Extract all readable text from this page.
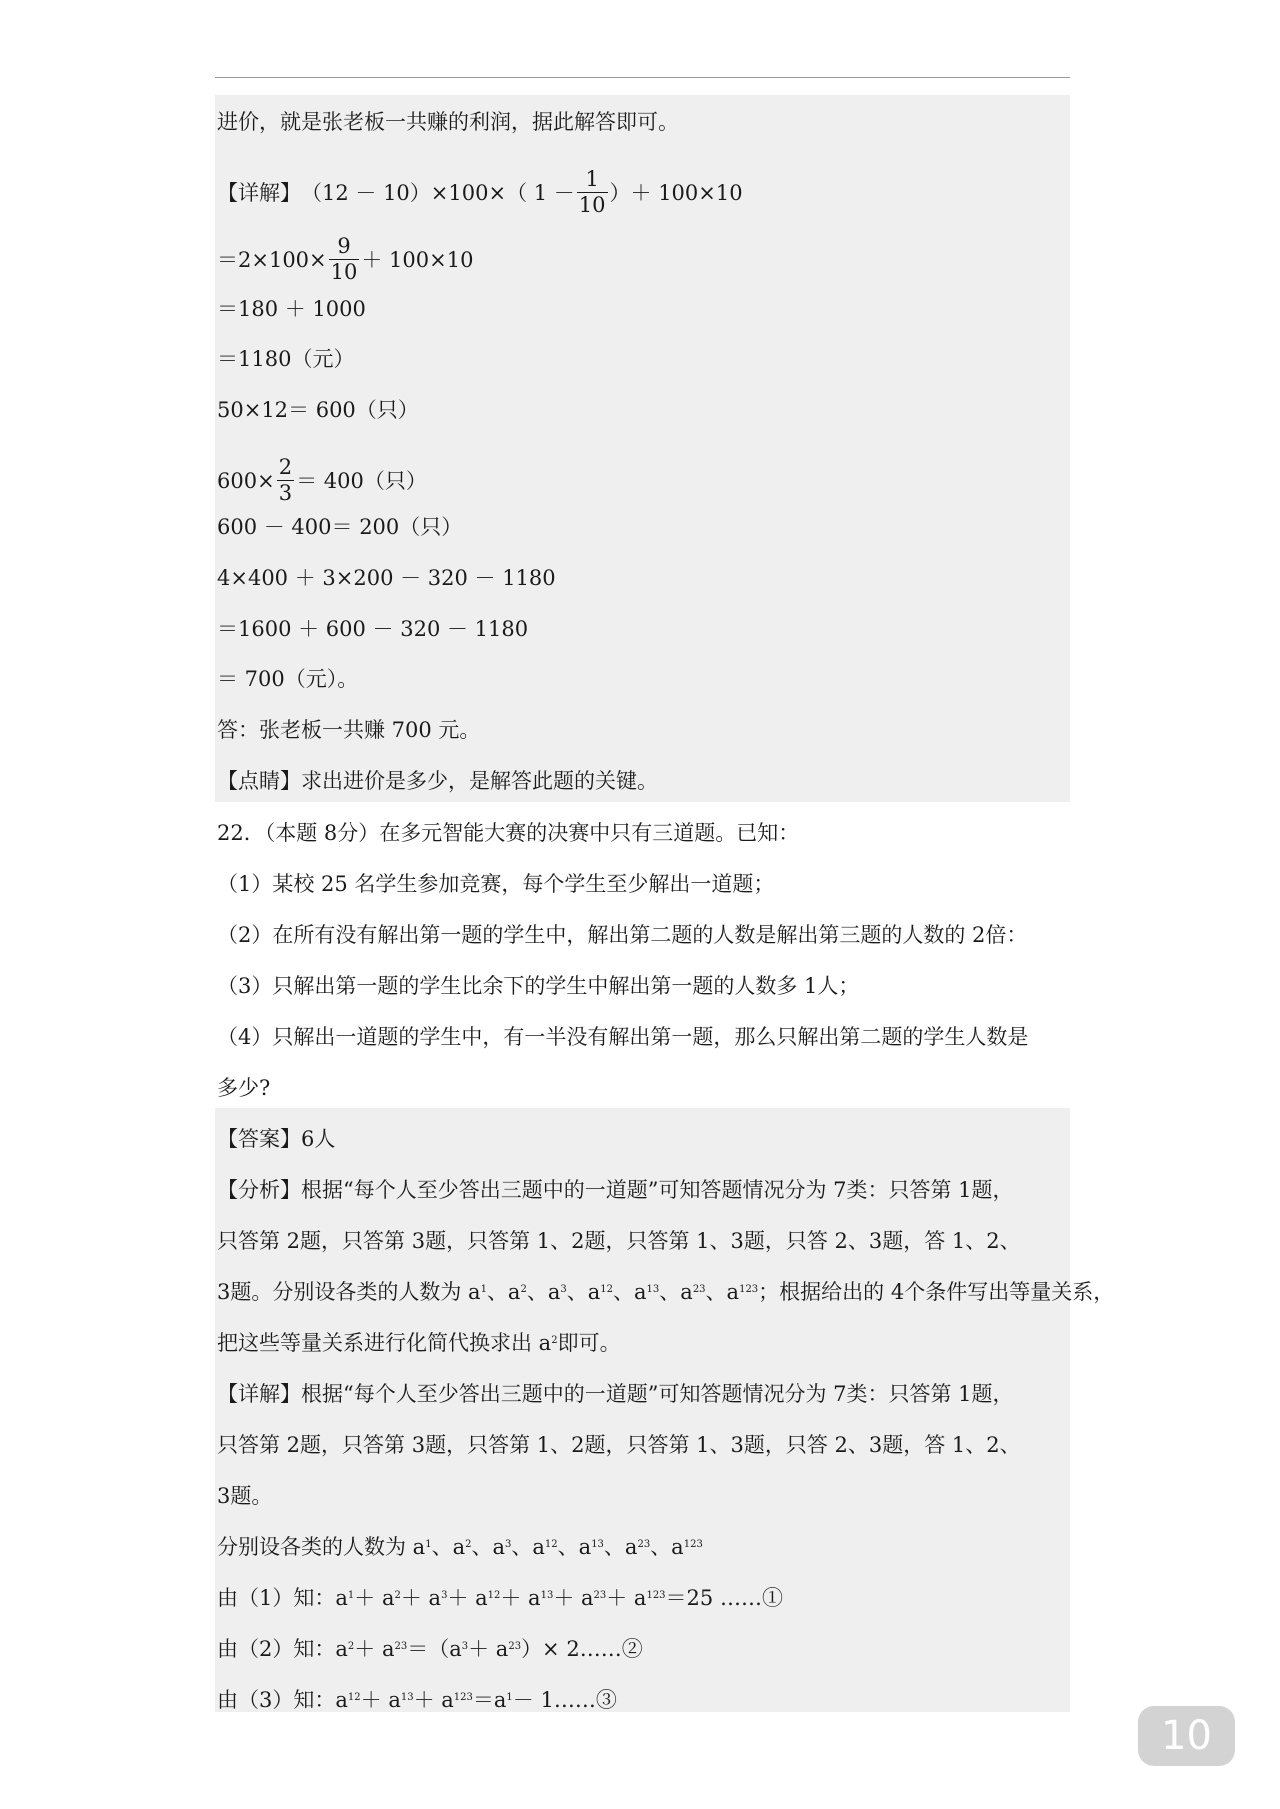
进价，就是张老板一共赚的利润，据此解答即可。
【详解】 （12 － 10）×100×（ $1 - \frac{1}{10}$ ）＋ 100×10
$=2\times 100\times \frac{9}{10} + 100\times 10$
＝180 ＋ 1000
＝1180（元）
50×12＝ 600（只）
$600\times \frac{2}{3} = 400$（只）
600 － 400＝ 200（只）
4×400 ＋ 3×200 － 320 － 1180
＝1600 ＋ 600 － 320 － 1180
＝ 700（元）。
答：张老板一共赚 700 元。
【点睛】求出进价是多少，是解答此题的关键。
22．（本题 8分）在多元智能大赛的决赛中只有三道题。已知：
（1）某校 25 名学生参加竞赛，每个学生至少解出一道题；
（2）在所有没有解出第一题的学生中，解出第二题的人数是解出第三题的人数的 2倍：
（3）只解出第一题的学生比余下的学生中解出第一题的人数多 1人；
（4）只解出一道题的学生中，有一半没有解出第一题，那么只解出第二题的学生人数是
多少?
【答案】6人
【分析】根据“每个人至少答出三题中的一道题”可知答题情况分为 7类：只答第 1题，
只答第 2题，只答第 3题，只答第 1、2题，只答第 1、3题，只答 2、3题，答 1、2、
3题。分别设各类的人数为 $a^1$、$a^2$、$a^3$、$a^{12}$、$a^{13}$、$a^{23}$、$a^{123}$；根据给出的 4个条件写出等量关系，
把这些等量关系进行化简代换求出 $a^2$即可。
【详解】根据“每个人至少答出三题中的一道题”可知答题情况分为 7类：只答第 1题，
只答第 2题，只答第 3题，只答第 1、2题，只答第 1、3题，只答 2、3题，答 1、2、
3题。
分别设各类的人数为 $a^1$、$a^2$、$a^3$、$a^{12}$、$a^{13}$、$a^{23}$、$a^{123}$
由（1）知：$a^1+ a^2+ a^3+ a^{12}+ a^{13}+ a^{23}+ a^{123}=25$ ……①
由（2）知：$a^2+ a^{23}=(a^3+ a^{23})\times$ 2……②
由（3）知：$a^{12}+ a^{13}+ a^{123}=a^1-$ 1……③
10
